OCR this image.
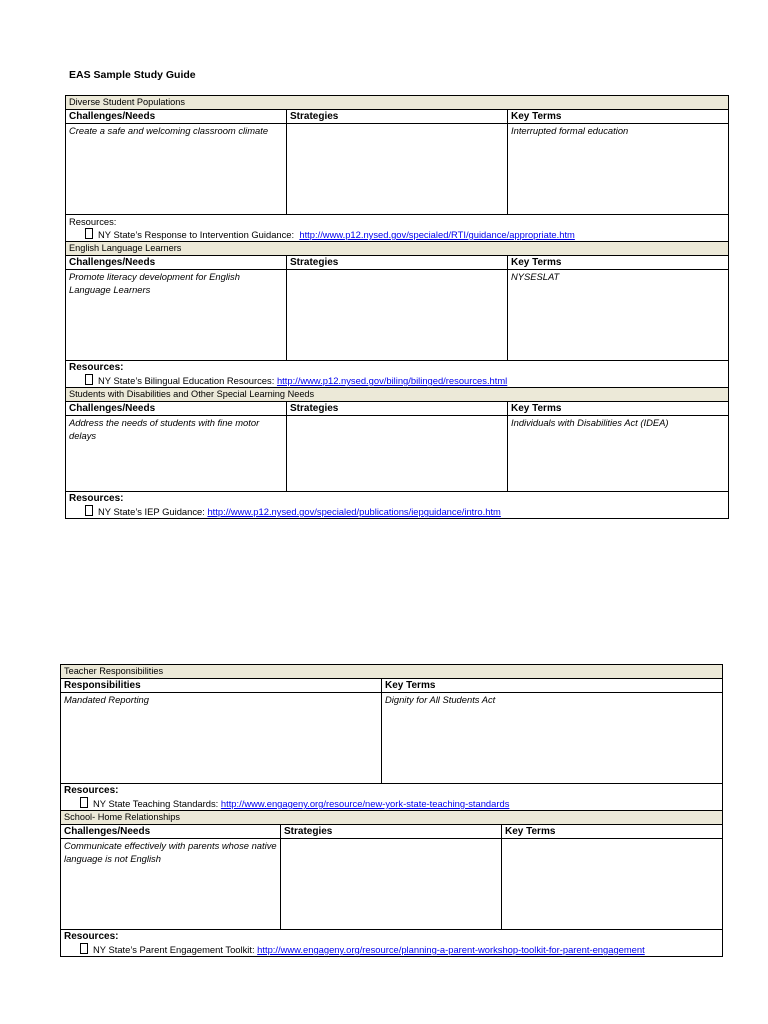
EAS Sample Study Guide
Diverse Student Populations		
Challenges/Needs	Strategies	Key Terms
Create a safe and welcoming classroom climate		Interrupted formal education

Resources:
NY State’s Response to Intervention Guidance: http://www.p12.nysed.gov/specialed/RTI/guidance/appropriate.htm		

English Language Learners		
Challenges/Needs	Strategies	Key Terms
Promote literacy development for English Language Learners		NYSESLAT

Resources:
NY State’s Bilingual Education Resources: http://www.p12.nysed.gov/biling/bilinged/resources.html		

Students with Disabilities and Other Special Learning Needs		
Challenges/Needs	Strategies	Key Terms
Address the needs of students with fine motor delays		Individuals with Disabilities Act (IDEA)

Resources:
NY State’s IEP Guidance: http://www.p12.nysed.gov/specialed/publications/iepguidance/intro.htm		
Teacher Responsibilities			
Responsibilities		Key Terms	
Mandated Reporting		Dignity for All Students Act	

Resources:
NY State Teaching Standards: http://www.engageny.org/resource/new-york-state-teaching-standards			

School- Home Relationships			
Challenges/Needs	Strategies		Key Terms
Communicate effectively with parents whose native language is not English			

Resources:
NY State’s Parent Engagement Toolkit: http://www.engageny.org/resource/planning-a-parent-workshop-toolkit-for-parent-engagement			
